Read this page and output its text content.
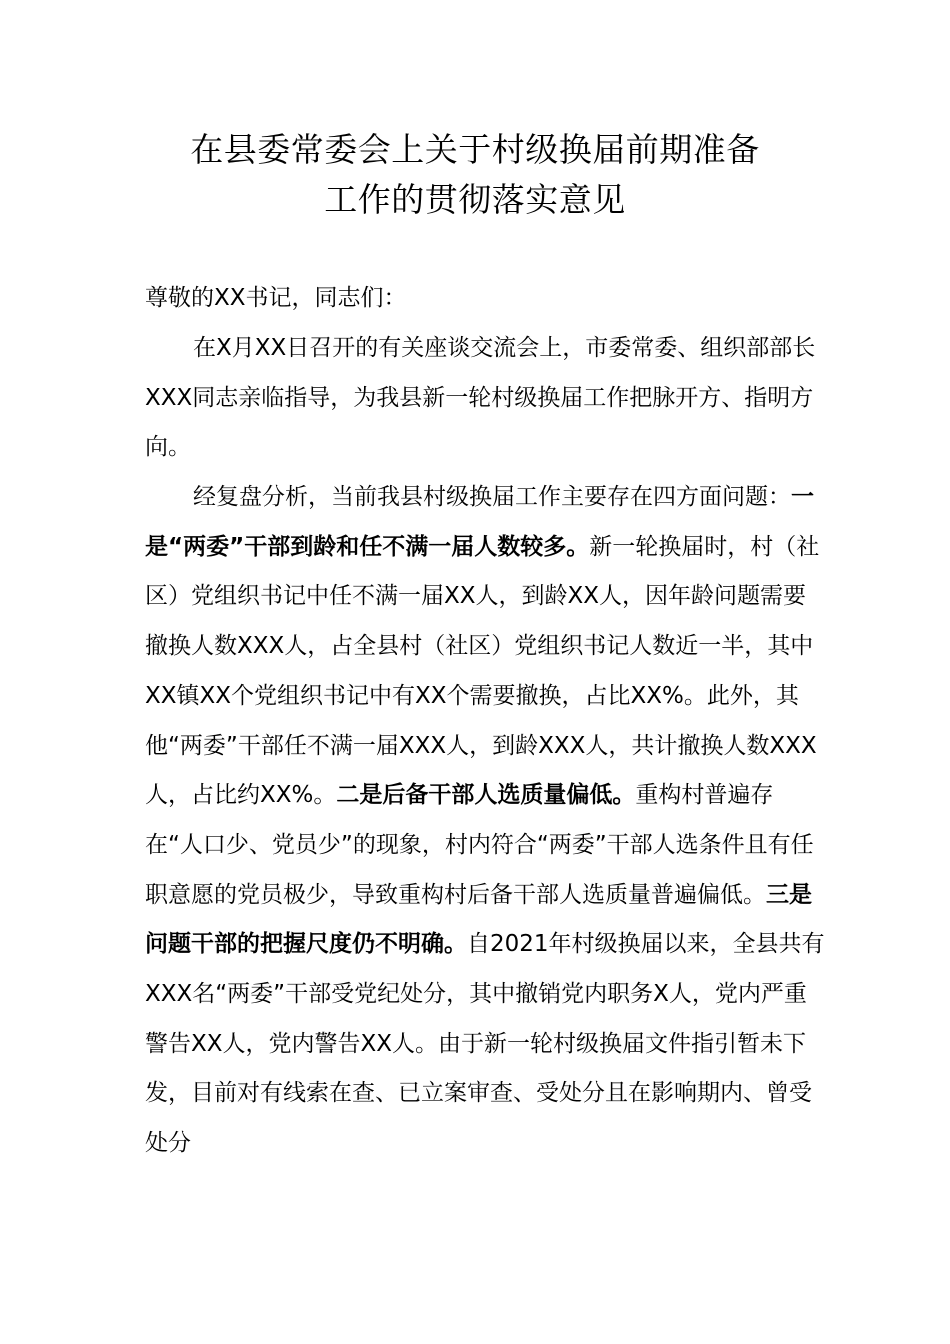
在县委常委会上关于村级换届前期准备
工作的贯彻落实意见
尊敬的XX书记，同志们：

在X月XX日召开的有关座谈交流会上，市委常委、组织部部长XXX同志亲临指导，为我县新一轮村级换届工作把脉开方、指明方向。

经复盘分析，当前我县村级换届工作主要存在四方面问题：一是“两委”干部到龄和任不满一届人数较多。新一轮换届时，村（社区）党组织书记中任不满一届XX人，到龄XX人，因年龄问题需要撤换人数XXX人，占全县村（社区）党组织书记人数近一半，其中XX镇XX个党组织书记中有XX个需要撤换，占比XX%。此外，其他“两委”干部任不满一届XXX人，到龄XXX人，共计撤换人数XXX人，占比约XX%。二是后备干部人选质量偏低。重构村普遍存在“人口少、党员少”的现象，村内符合“两委”干部人选条件且有任职意愿的党员极少，导致重构村后备干部人选质量普遍偏低。三是问题干部的把握尺度仍不明确。自2021年村级换届以来，全县共有XXX名“两委”干部受党纪处分，其中撤销党内职务X人，党内严重警告XX人，党内警告XX人。由于新一轮村级换届文件指引暂未下发，目前对有线索在查、已立案审查、受处分且在影响期内、曾受处分
